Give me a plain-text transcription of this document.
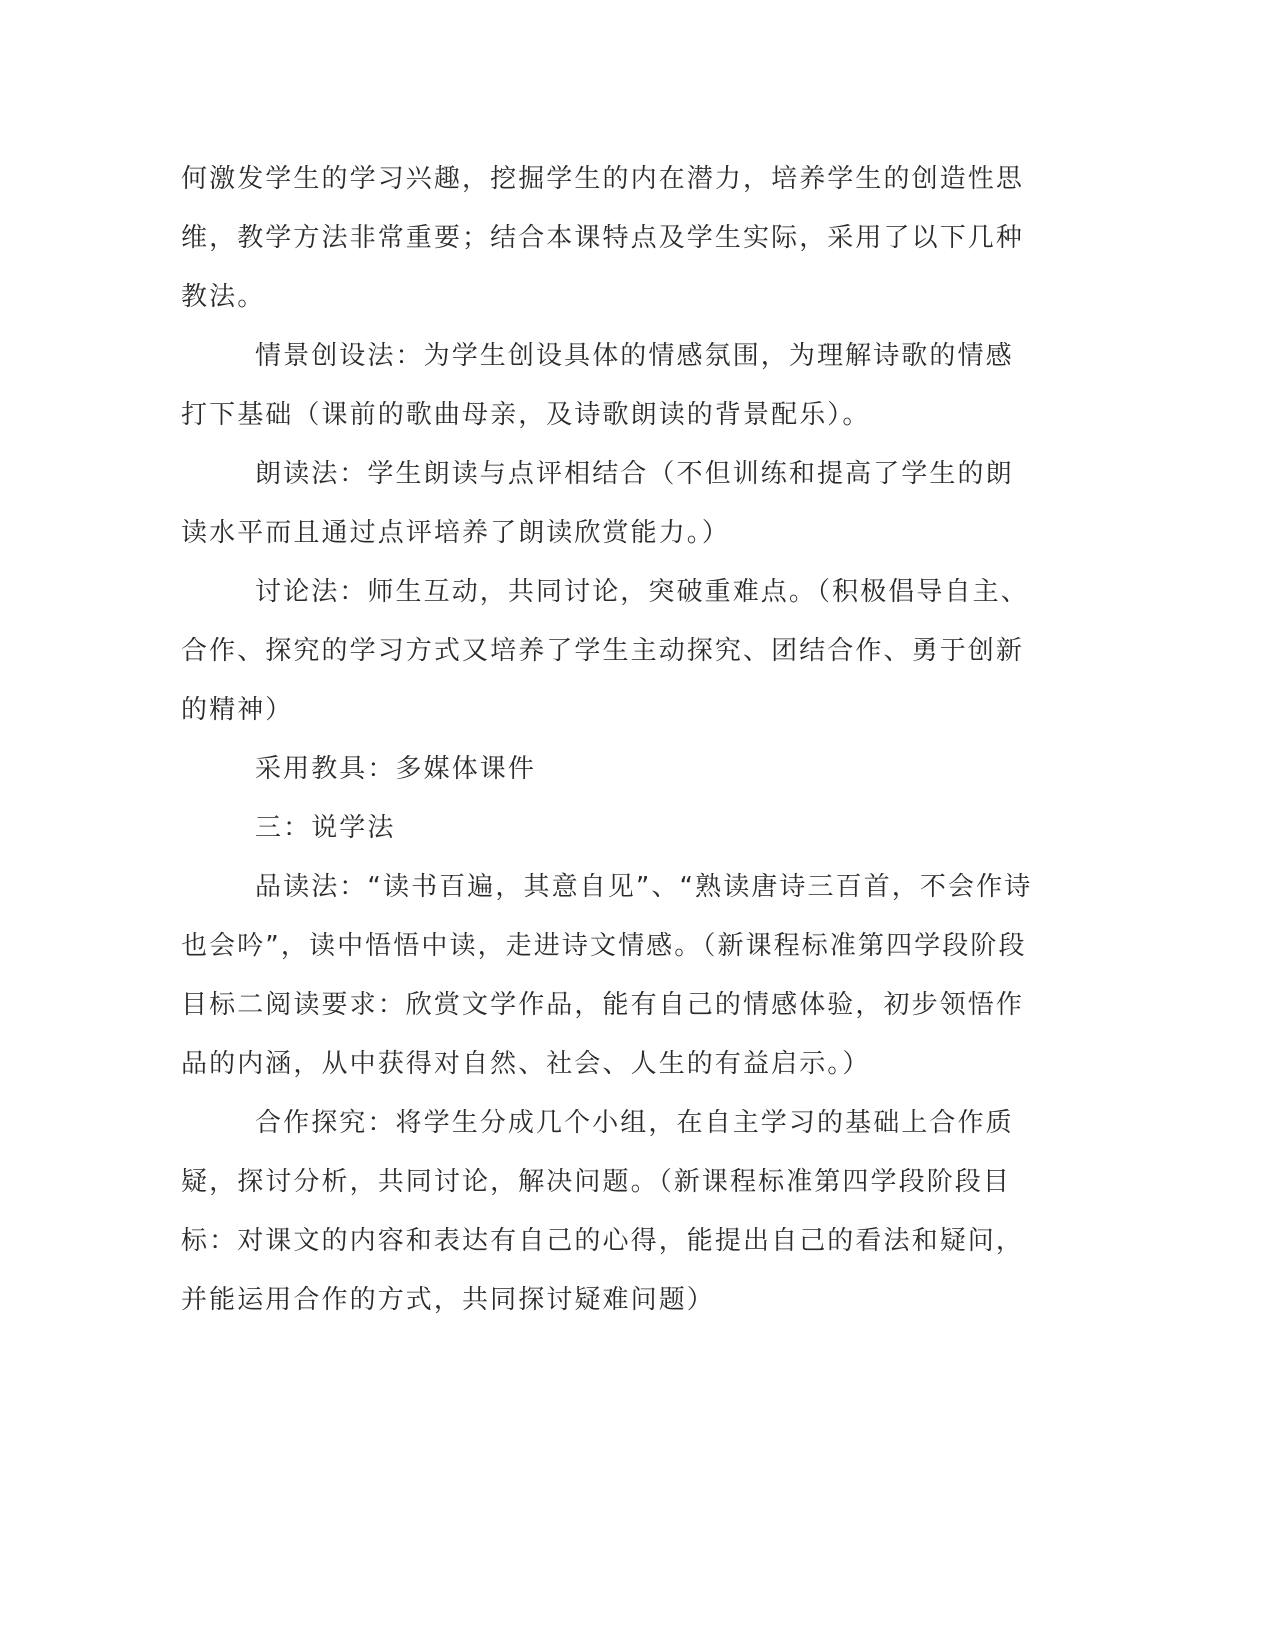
何激发学生的学习兴趣，挖掘学生的内在潜力，培养学生的创造性思维，教学方法非常重要；结合本课特点及学生实际，采用了以下几种教法。

情景创设法：为学生创设具体的情感氛围，为理解诗歌的情感打下基础（课前的歌曲母亲，及诗歌朗读的背景配乐）。

朗读法：学生朗读与点评相结合（不但训练和提高了学生的朗读水平而且通过点评培养了朗读欣赏能力。）

讨论法：师生互动，共同讨论，突破重难点。（积极倡导自主、合作、探究的学习方式又培养了学生主动探究、团结合作、勇于创新的精神）

采用教具：多媒体课件

三：说学法

品读法：“读书百遍，其意自见”、“熟读唐诗三百首，不会作诗也会吟”，读中悟悟中读，走进诗文情感。（新课程标准第四学段阶段目标二阅读要求：欣赏文学作品，能有自己的情感体验，初步领悟作品的内涵，从中获得对自然、社会、人生的有益启示。）

合作探究：将学生分成几个小组，在自主学习的基础上合作质疑，探讨分析，共同讨论，解决问题。（新课程标准第四学段阶段目标：对课文的内容和表达有自己的心得，能提出自己的看法和疑问，并能运用合作的方式，共同探讨疑难问题）
